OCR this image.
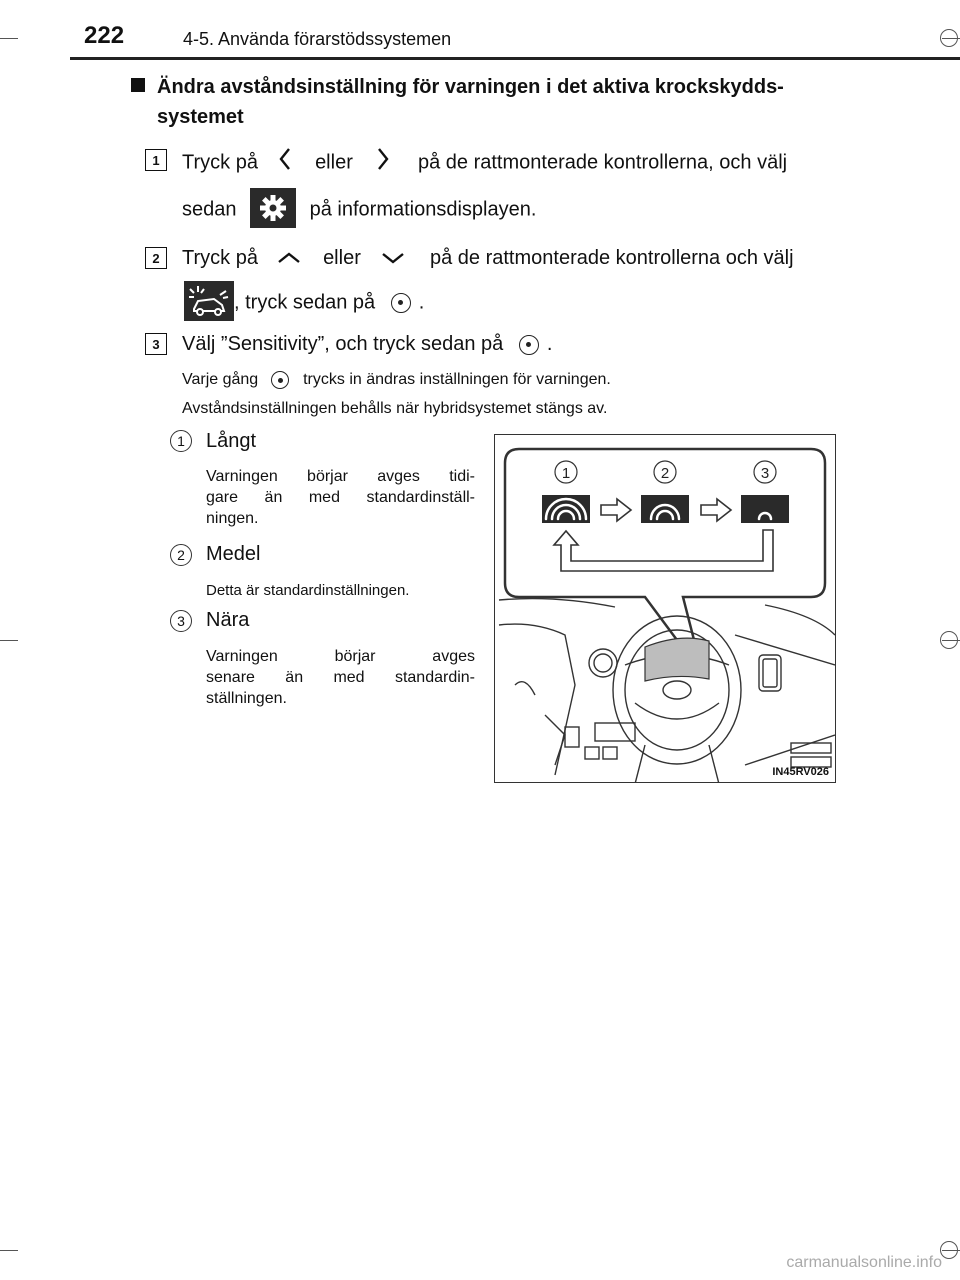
222	4-5. Använda förarstödssystemen
Ändra avståndsinställning för varningen i det aktiva krockskydds-
systemet
1	Tryck på	eller	på de rattmonterade kontrollerna, och välj
sedan	på informationsdisplayen.
2	Tryck på	eller	på de rattmonterade kontrollerna och välj
, tryck sedan på .
3	Välj ”Sensitivity”, och tryck sedan på .
Varje gång	trycks in ändras inställningen för varningen.
Avståndsinställningen behålls när hybridsystemet stängs av.
1	Långt
Varningen börjar avges tidi-
gare än med standardinställ-
ningen.
2	Medel
Detta är standardinställningen.
3	Nära
Varningen börjar avges
senare än med standardin-
ställningen.
1	2	3
IN45RV026
carmanualsonline.info
